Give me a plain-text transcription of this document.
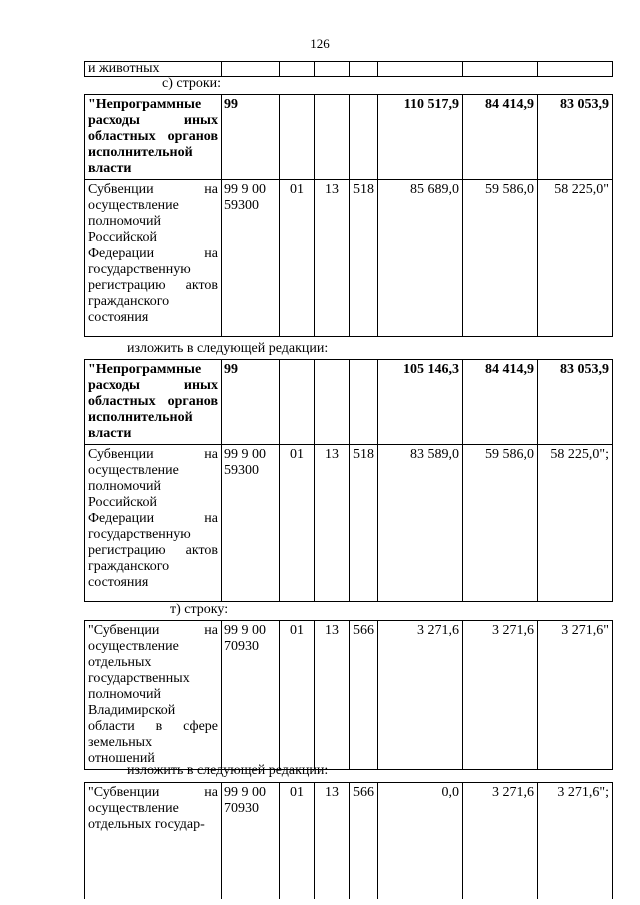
126
и животных							
с) строки:
"Непрограммные расходы иных областных органов исполнительной власти	99				110 517,9	84 414,9	83 053,9
Субвенции на осуществление полномочий Российской Федерации на государственную регистрацию актов гражданского состояния	99 9 00 59300	01	13	518	85 689,0	59 586,0	58 225,0"
изложить в следующей редакции:
"Непрограммные расходы иных областных органов исполнительной власти	99				105 146,3	84 414,9	83 053,9
Субвенции на осуществление полномочий Российской Федерации на государственную регистрацию актов гражданского состояния	99 9 00 59300	01	13	518	83 589,0	59 586,0	58 225,0";
т) строку:
"Субвенции на осуществление отдельных государственных полномочий Владимирской области в сфере земельных отношений	99 9 00 70930	01	13	566	3 271,6	3 271,6	3 271,6"
изложить в следующей редакции:
"Субвенции на осуществление отдельных государ-	99 9 00 70930	01	13	566	0,0	3 271,6	3 271,6";
